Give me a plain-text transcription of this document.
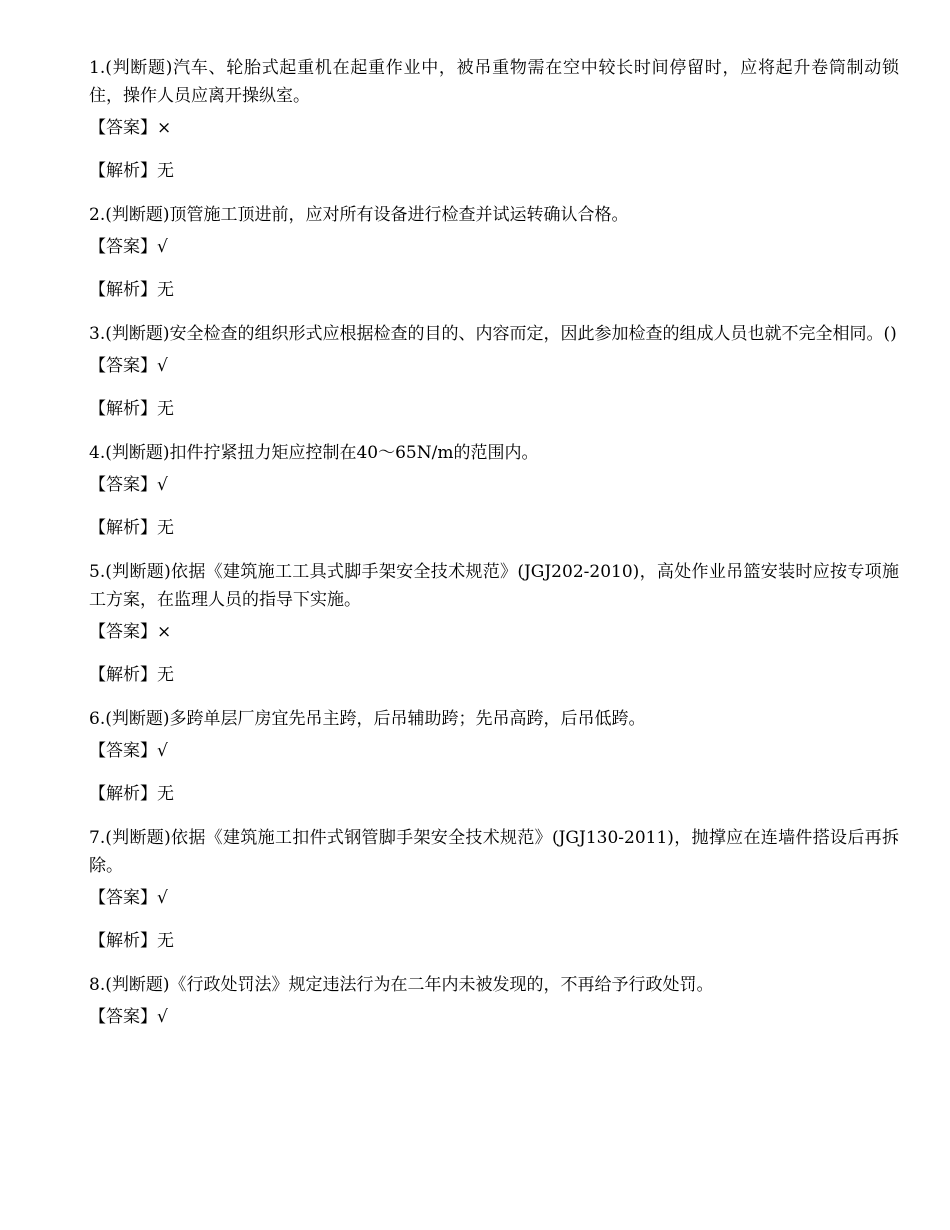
1.(判断题)汽车、轮胎式起重机在起重作业中，被吊重物需在空中较长时间停留时，应将起升卷筒制动锁住，操作人员应离开操纵室。

【答案】×

【解析】无

2.(判断题)顶管施工顶进前，应对所有设备进行检查并试运转确认合格。

【答案】√

【解析】无

3.(判断题)安全检查的组织形式应根据检查的目的、内容而定，因此参加检查的组成人员也就不完全相同。()

【答案】√

【解析】无

4.(判断题)扣件拧紧扭力矩应控制在40～65N/m的范围内。

【答案】√

【解析】无

5.(判断题)依据《建筑施工工具式脚手架安全技术规范》(JGJ202-2010)，高处作业吊篮安装时应按专项施工方案，在监理人员的指导下实施。

【答案】×

【解析】无

6.(判断题)多跨单层厂房宜先吊主跨，后吊辅助跨；先吊高跨，后吊低跨。

【答案】√

【解析】无

7.(判断题)依据《建筑施工扣件式钢管脚手架安全技术规范》(JGJ130-2011)，抛撑应在连墙件搭设后再拆除。

【答案】√

【解析】无

8.(判断题)《行政处罚法》规定违法行为在二年内未被发现的，不再给予行政处罚。

【答案】√
